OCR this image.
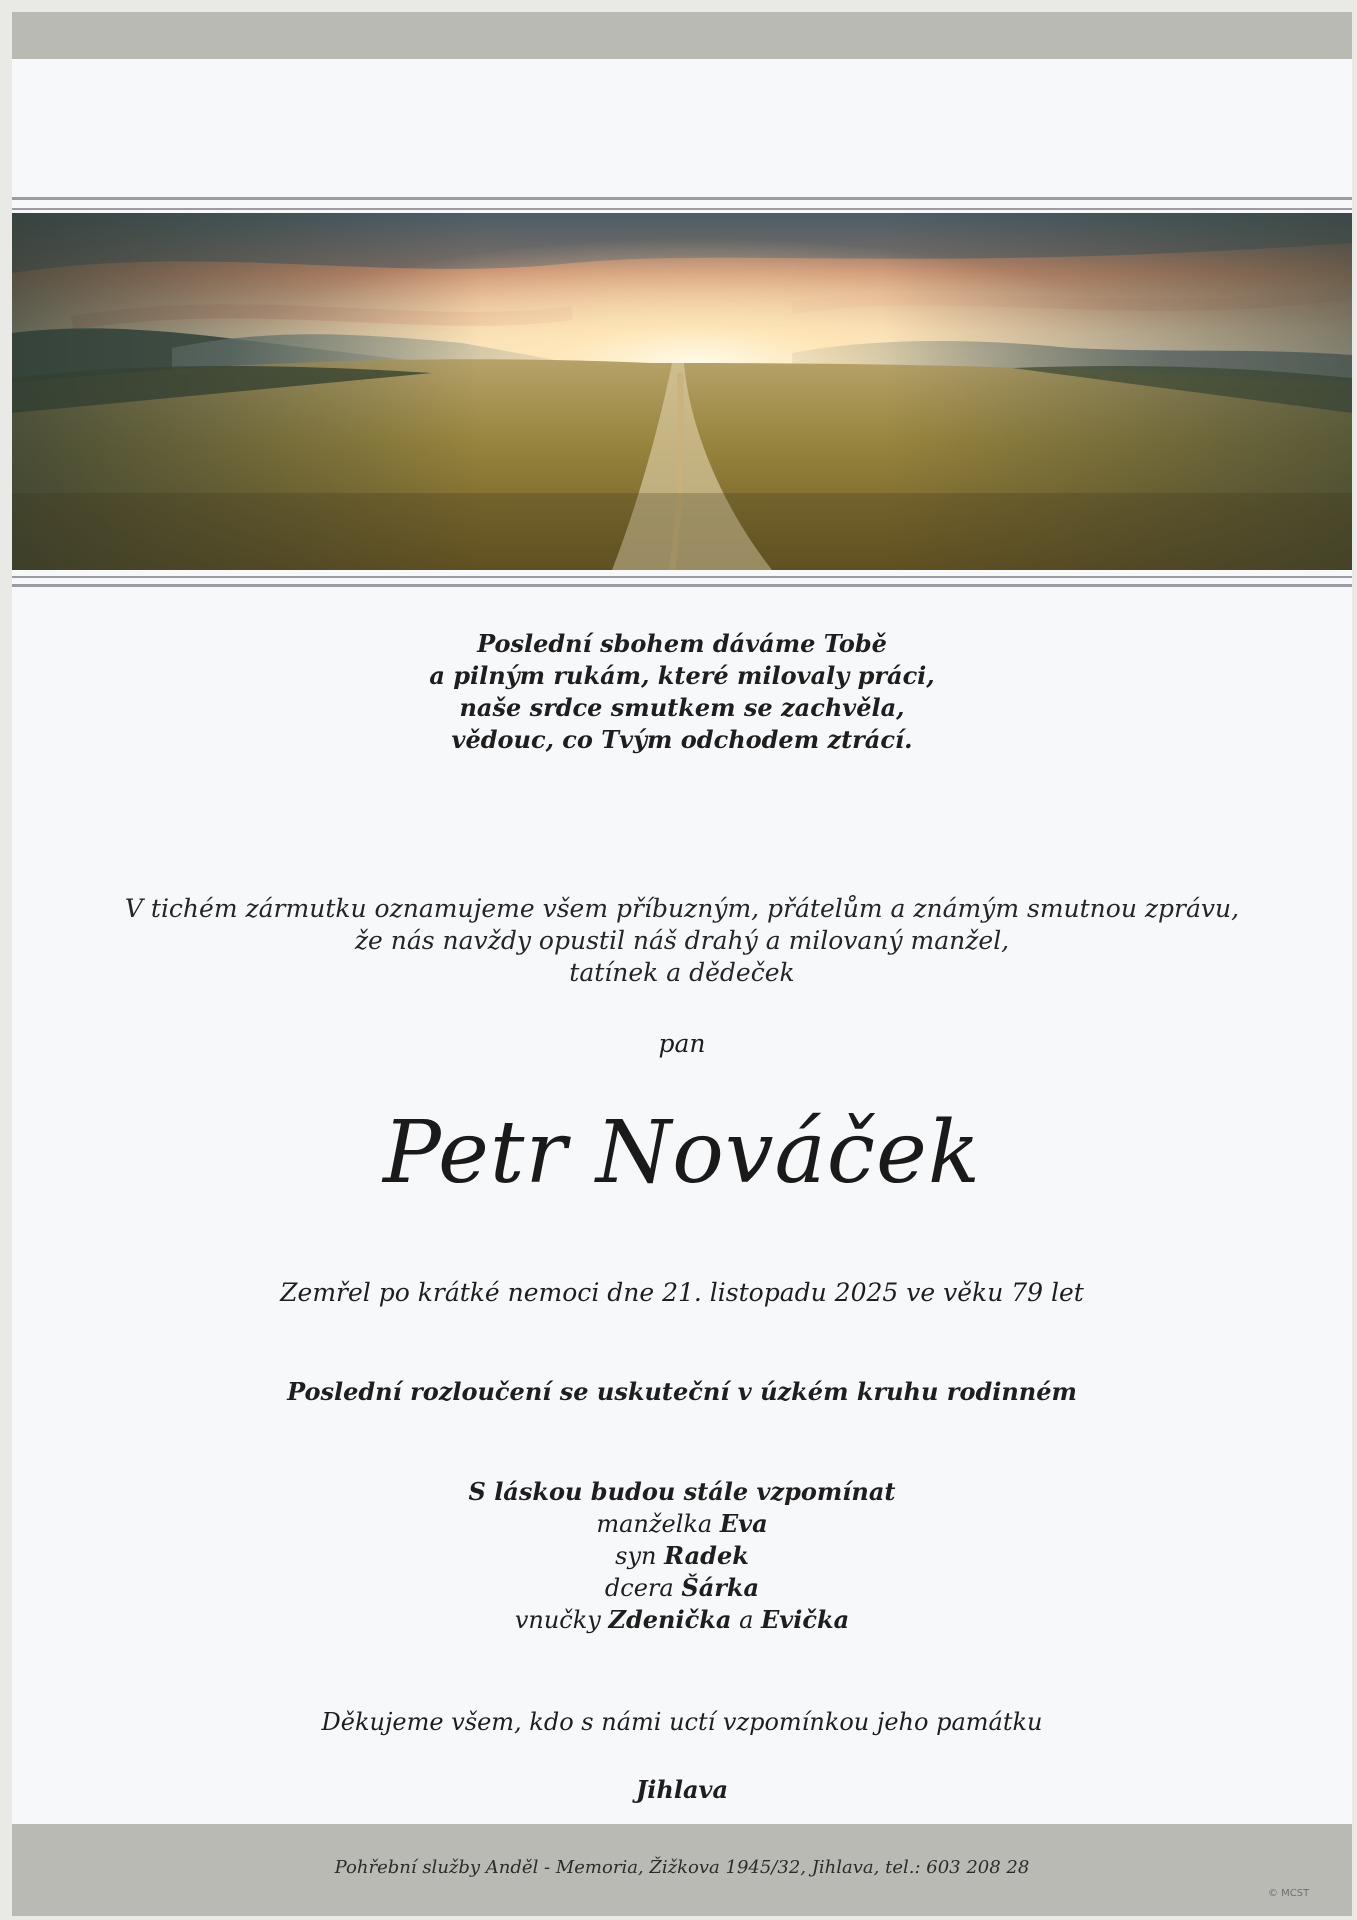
Poslední sbohem dáváme Tobě
a pilným rukám, které milovaly práci,
naše srdce smutkem se zachvěla,
vědouc, co Tvým odchodem ztrácí.
V tichém zármutku oznamujeme všem příbuzným, přátelům a známým smutnou zprávu,
že nás navždy opustil náš drahý a milovaný manžel,
tatínek a dědeček
pan
Petr Nováček
Zemřel po krátké nemoci dne 21. listopadu 2025 ve věku 79 let
Poslední rozloučení se uskuteční v úzkém kruhu rodinném
S láskou budou stále vzpomínat
manželka Eva
syn Radek
dcera Šárka
vnučky Zdenička a Evička
Děkujeme všem, kdo s námi uctí vzpomínkou jeho památku
Jihlava
Pohřební služby Anděl - Memoria, Žižkova 1945/32, Jihlava, tel.: 603 208 28
© MCST
